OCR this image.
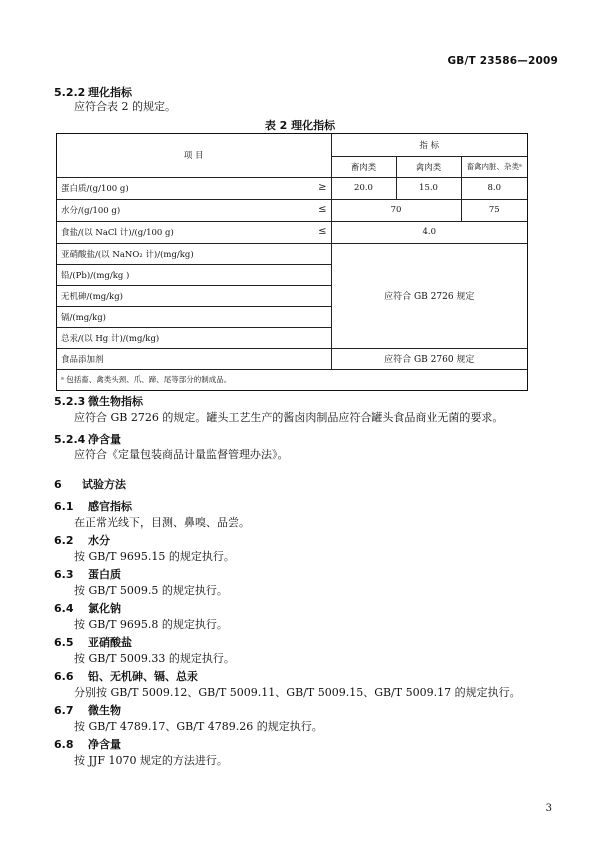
GB/T 23586—2009
5.2.2 理化指标
应符合表 2 的规定。
表 2 理化指标
项 目	指 标		
	畜肉类	禽肉类	畜禽内脏、杂类ᵃ
蛋白质/(g/100 g) ≥	20.0	15.0	8.0
水分/(g/100 g) ≤	70		75
食盐/(以 NaCl 计)/(g/100 g) ≤	4.0		
亚硝酸盐/(以 NaNO₂ 计)/(mg/kg)	应符合 GB 2726 规定		
铅/(Pb)/(mg/kg )			
无机砷/(mg/kg)			
镉/(mg/kg)			
总汞/(以 Hg 计)/(mg/kg)			
食品添加剂	应符合 GB 2760 规定		
ᵃ 包括畜、禽类头颈、爪、蹄、尾等部分的制成品。			
5.2.3 微生物指标
应符合 GB 2726 的规定。罐头工艺生产的酱卤肉制品应符合罐头食品商业无菌的要求。
5.2.4 净含量
应符合《定量包装商品计量监督管理办法》。
6 试验方法
6.1 感官指标
在正常光线下，目测、鼻嗅、品尝。
6.2 水分
按 GB/T 9695.15 的规定执行。
6.3 蛋白质
按 GB/T 5009.5 的规定执行。
6.4 氯化钠
按 GB/T 9695.8 的规定执行。
6.5 亚硝酸盐
按 GB/T 5009.33 的规定执行。
6.6 铅、无机砷、镉、总汞
分别按 GB/T 5009.12、GB/T 5009.11、GB/T 5009.15、GB/T 5009.17 的规定执行。
6.7 微生物
按 GB/T 4789.17、GB/T 4789.26 的规定执行。
6.8 净含量
按 JJF 1070 规定的方法进行。
3
